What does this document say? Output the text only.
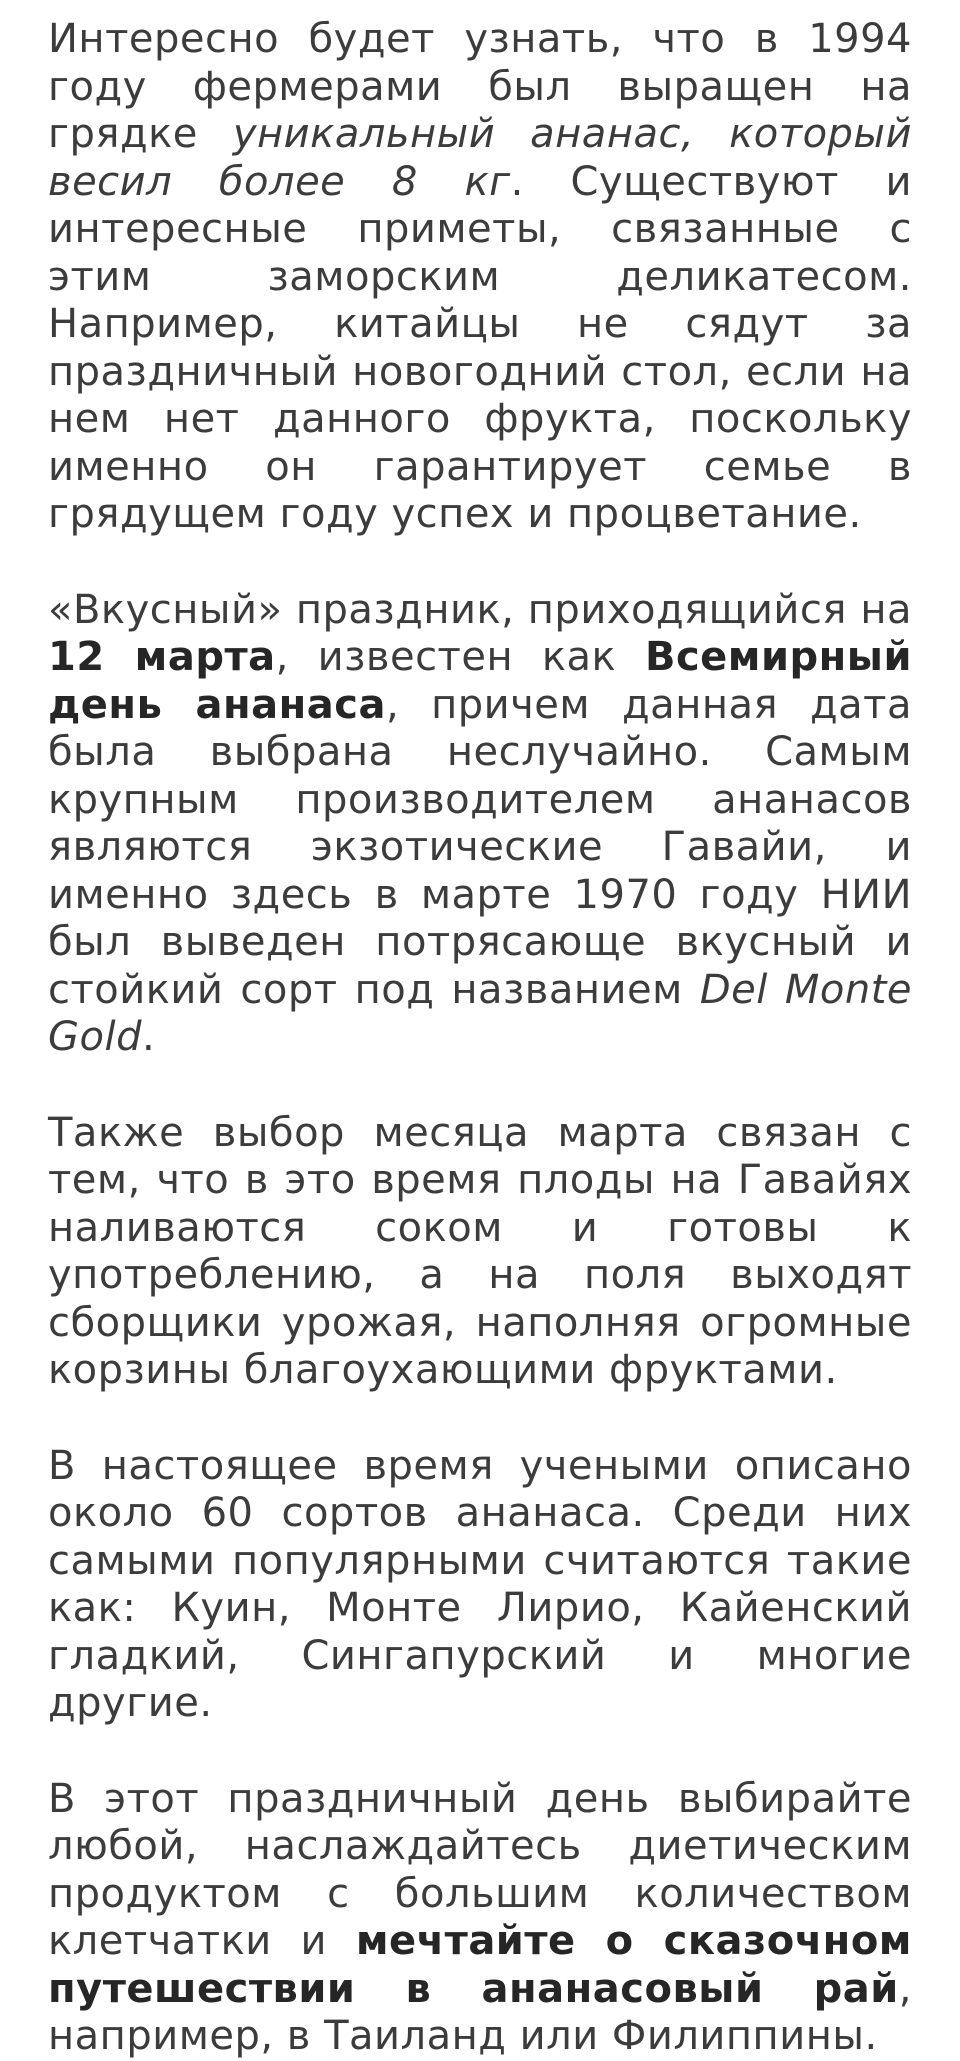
Интересно будет узнать, что в 1994 году фермерами был выращен на грядке уникальный ананас, который весил более 8 кг. Существуют и интересные приметы, связанные с этим заморским деликатесом. Например, китайцы не сядут за праздничный новогодний стол, если на нем нет данного фрукта, поскольку именно он гарантирует семье в грядущем году успех и процветание.

«Вкусный» праздник, приходящийся на 12 марта, известен как Всемирный день ананаса, причем данная дата была выбрана неслучайно. Самым крупным производителем ананасов являются экзотические Гавайи, и именно здесь в марте 1970 году НИИ был выведен потрясающе вкусный и стойкий сорт под названием Del Monte Gold.

Также выбор месяца марта связан с тем, что в это время плоды на Гавайях наливаются соком и готовы к употреблению, а на поля выходят сборщики урожая, наполняя огромные корзины благоухающими фруктами.

В настоящее время учеными описано около 60 сортов ананаса. Среди них самыми популярными считаются такие как: Куин, Монте Лирио, Кайенский гладкий, Сингапурский и многие другие.

В этот праздничный день выбирайте любой, наслаждайтесь диетическим продуктом с большим количеством клетчатки и мечтайте о сказочном путешествии в ананасовый рай, например, в Таиланд или Филиппины.
